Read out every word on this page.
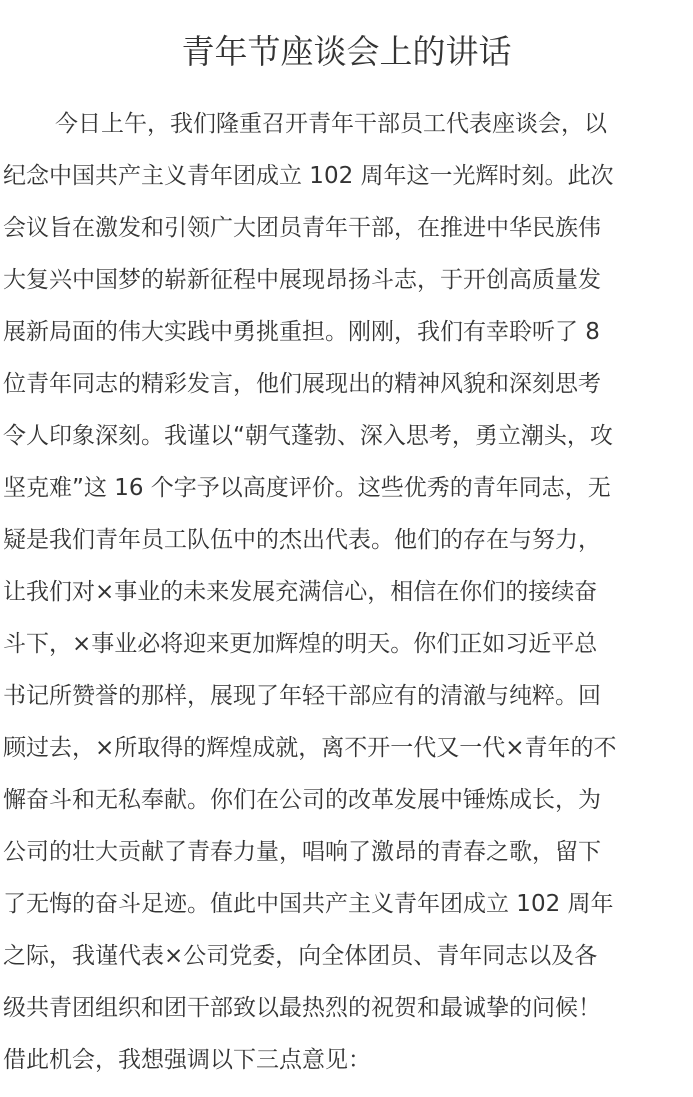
青年节座谈会上的讲话
今日上午，我们隆重召开青年干部员工代表座谈会，以
纪念中国共产主义青年团成立 102 周年这一光辉时刻。此次
会议旨在激发和引领广大团员青年干部，在推进中华民族伟
大复兴中国梦的崭新征程中展现昂扬斗志，于开创高质量发
展新局面的伟大实践中勇挑重担。刚刚，我们有幸聆听了 8
位青年同志的精彩发言，他们展现出的精神风貌和深刻思考
令人印象深刻。我谨以“朝气蓬勃、深入思考，勇立潮头，攻
坚克难”这 16 个字予以高度评价。这些优秀的青年同志，无
疑是我们青年员工队伍中的杰出代表。他们的存在与努力，
让我们对×事业的未来发展充满信心，相信在你们的接续奋
斗下，×事业必将迎来更加辉煌的明天。你们正如习近平总
书记所赞誉的那样，展现了年轻干部应有的清澈与纯粹。回
顾过去，×所取得的辉煌成就，离不开一代又一代×青年的不
懈奋斗和无私奉献。你们在公司的改革发展中锤炼成长，为
公司的壮大贡献了青春力量，唱响了激昂的青春之歌，留下
了无悔的奋斗足迹。值此中国共产主义青年团成立 102 周年
之际，我谨代表×公司党委，向全体团员、青年同志以及各
级共青团组织和团干部致以最热烈的祝贺和最诚挚的问候！
借此机会，我想强调以下三点意见：
